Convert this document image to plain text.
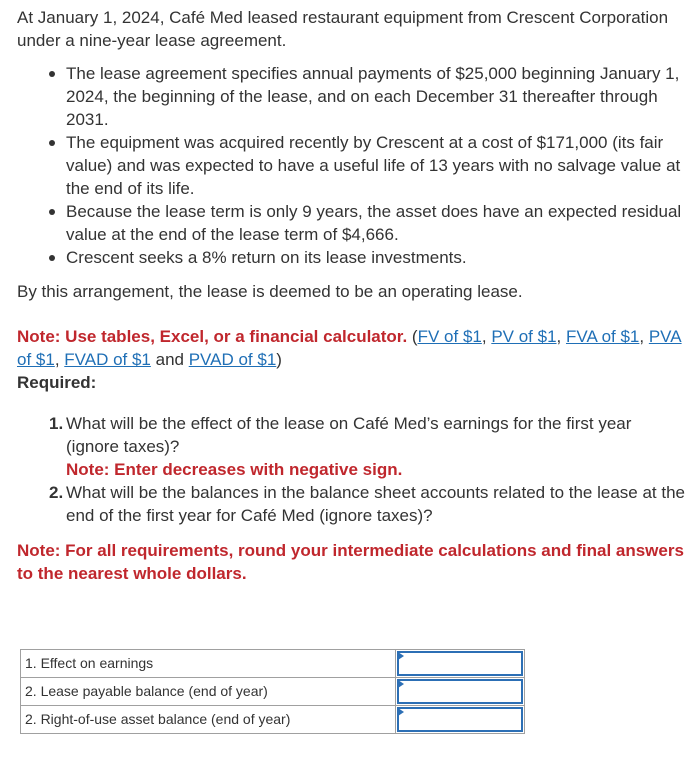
At January 1, 2024, Café Med leased restaurant equipment from Crescent Corporation under a nine-year lease agreement.

The lease agreement specifies annual payments of $25,000 beginning January 1, 2024, the beginning of the lease, and on each December 31 thereafter through 2031.
The equipment was acquired recently by Crescent at a cost of $171,000 (its fair value) and was expected to have a useful life of 13 years with no salvage value at the end of its life.
Because the lease term is only 9 years, the asset does have an expected residual value at the end of the lease term of $4,666.
Crescent seeks a 8% return on its lease investments.

By this arrangement, the lease is deemed to be an operating lease.

Note: Use tables, Excel, or a financial calculator. (FV of $1, PV of $1, FVA of $1, PVA of $1, FVAD of $1 and PVAD of $1)

Required:

1. What will be the effect of the lease on Café Med’s earnings for the first year (ignore taxes)?
Note: Enter decreases with negative sign.
2. What will be the balances in the balance sheet accounts related to the lease at the end of the first year for Café Med (ignore taxes)?

Note: For all requirements, round your intermediate calculations and final answers to the nearest whole dollars.

1. Effect on earnings	

2. Lease payable balance (end of year)	

2. Right-of-use asset balance (end of year)	
